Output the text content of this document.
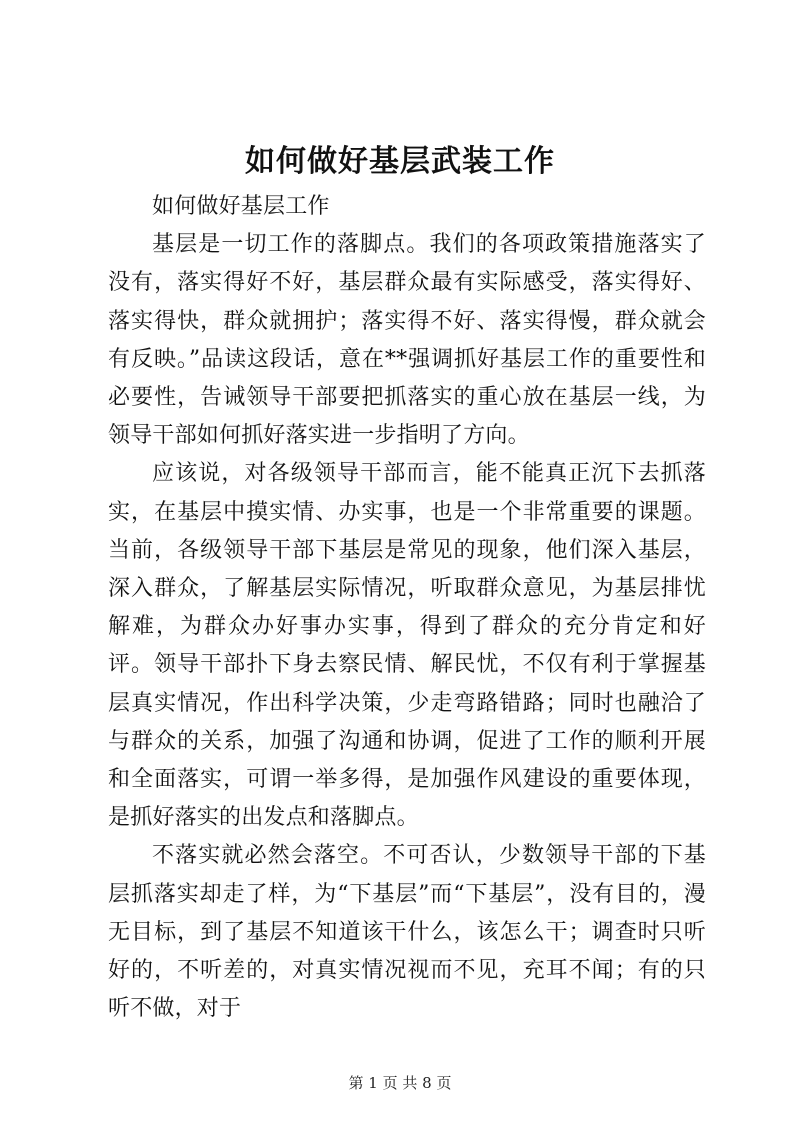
如何做好基层武装工作

如何做好基层工作

基层是一切工作的落脚点。我们的各项政策措施落实了没有，落实得好不好，基层群众最有实际感受，落实得好、落实得快，群众就拥护；落实得不好、落实得慢，群众就会有反映。”品读这段话，意在**强调抓好基层工作的重要性和必要性，告诫领导干部要把抓落实的重心放在基层一线，为领导干部如何抓好落实进一步指明了方向。

应该说，对各级领导干部而言，能不能真正沉下去抓落实，在基层中摸实情、办实事，也是一个非常重要的课题。当前，各级领导干部下基层是常见的现象，他们深入基层，深入群众，了解基层实际情况，听取群众意见，为基层排忧解难，为群众办好事办实事，得到了群众的充分肯定和好评。领导干部扑下身去察民情、解民忧，不仅有利于掌握基层真实情况，作出科学决策，少走弯路错路；同时也融洽了与群众的关系，加强了沟通和协调，促进了工作的顺利开展和全面落实，可谓一举多得，是加强作风建设的重要体现，是抓好落实的出发点和落脚点。

不落实就必然会落空。不可否认，少数领导干部的下基层抓落实却走了样，为“下基层”而“下基层”，没有目的，漫无目标，到了基层不知道该干什么，该怎么干；调查时只听好的，不听差的，对真实情况视而不见，充耳不闻；有的只听不做，对于

第 1 页 共 8 页
